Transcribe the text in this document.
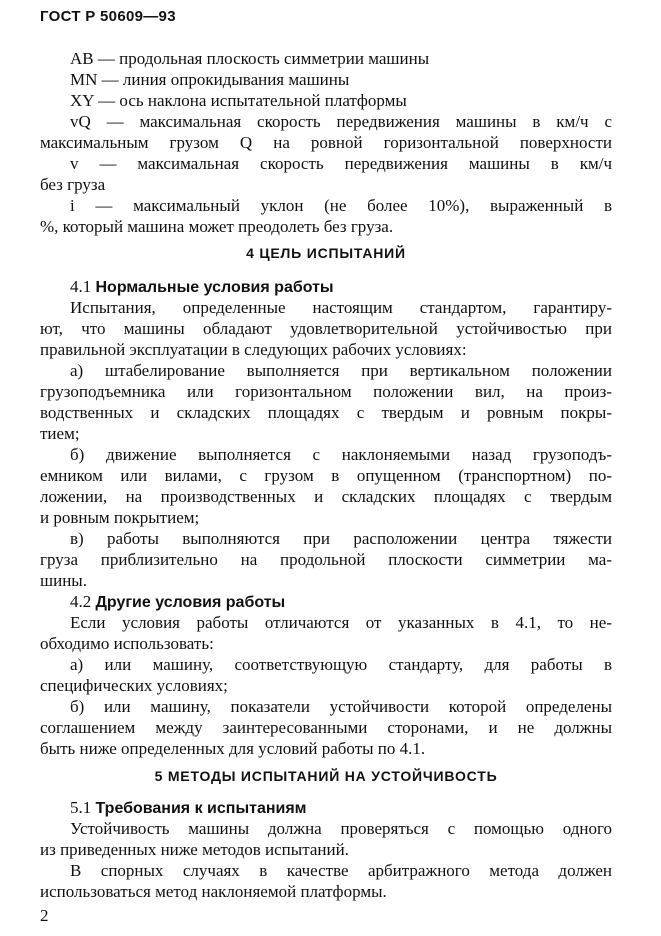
ГОСТ Р 50609—93
AB — продольная плоскость симметрии машины
MN — линия опрокидывания машины
XY — ось наклона испытательной платформы
vQ — максимальная скорость передвижения машины в км/ч с
максимальным грузом Q на ровной горизонтальной поверхности
v — максимальная скорость передвижения машины в км/ч
без груза
i — максимальный уклон (не более 10%), выраженный в
%, который машина может преодолеть без груза.
4 ЦЕЛЬ ИСПЫТАНИЙ
4.1 Нормальные условия работы
Испытания, определенные настоящим стандартом, гарантиру-
ют, что машины обладают удовлетворительной устойчивостью при
правильной эксплуатации в следующих рабочих условиях:
а) штабелирование выполняется при вертикальном положении
грузоподъемника или горизонтальном положении вил, на произ-
водственных и складских площадях с твердым и ровным покры-
тием;
б) движение выполняется с наклоняемыми назад грузоподъ-
емником или вилами, с грузом в опущенном (транспортном) по-
ложении, на производственных и складских площадях с твердым
и ровным покрытием;
в) работы выполняются при расположении центра тяжести
груза приблизительно на продольной плоскости симметрии ма-
шины.
4.2 Другие условия работы
Если условия работы отличаются от указанных в 4.1, то не-
обходимо использовать:
а) или машину, соответствующую стандарту, для работы в
специфических условиях;
б) или машину, показатели устойчивости которой определены
соглашением между заинтересованными сторонами, и не должны
быть ниже определенных для условий работы по 4.1.
5 МЕТОДЫ ИСПЫТАНИЙ НА УСТОЙЧИВОСТЬ
5.1 Требования к испытаниям
Устойчивость машины должна проверяться с помощью одного
из приведенных ниже методов испытаний.
В спорных случаях в качестве арбитражного метода должен
использоваться метод наклоняемой платформы.
2
